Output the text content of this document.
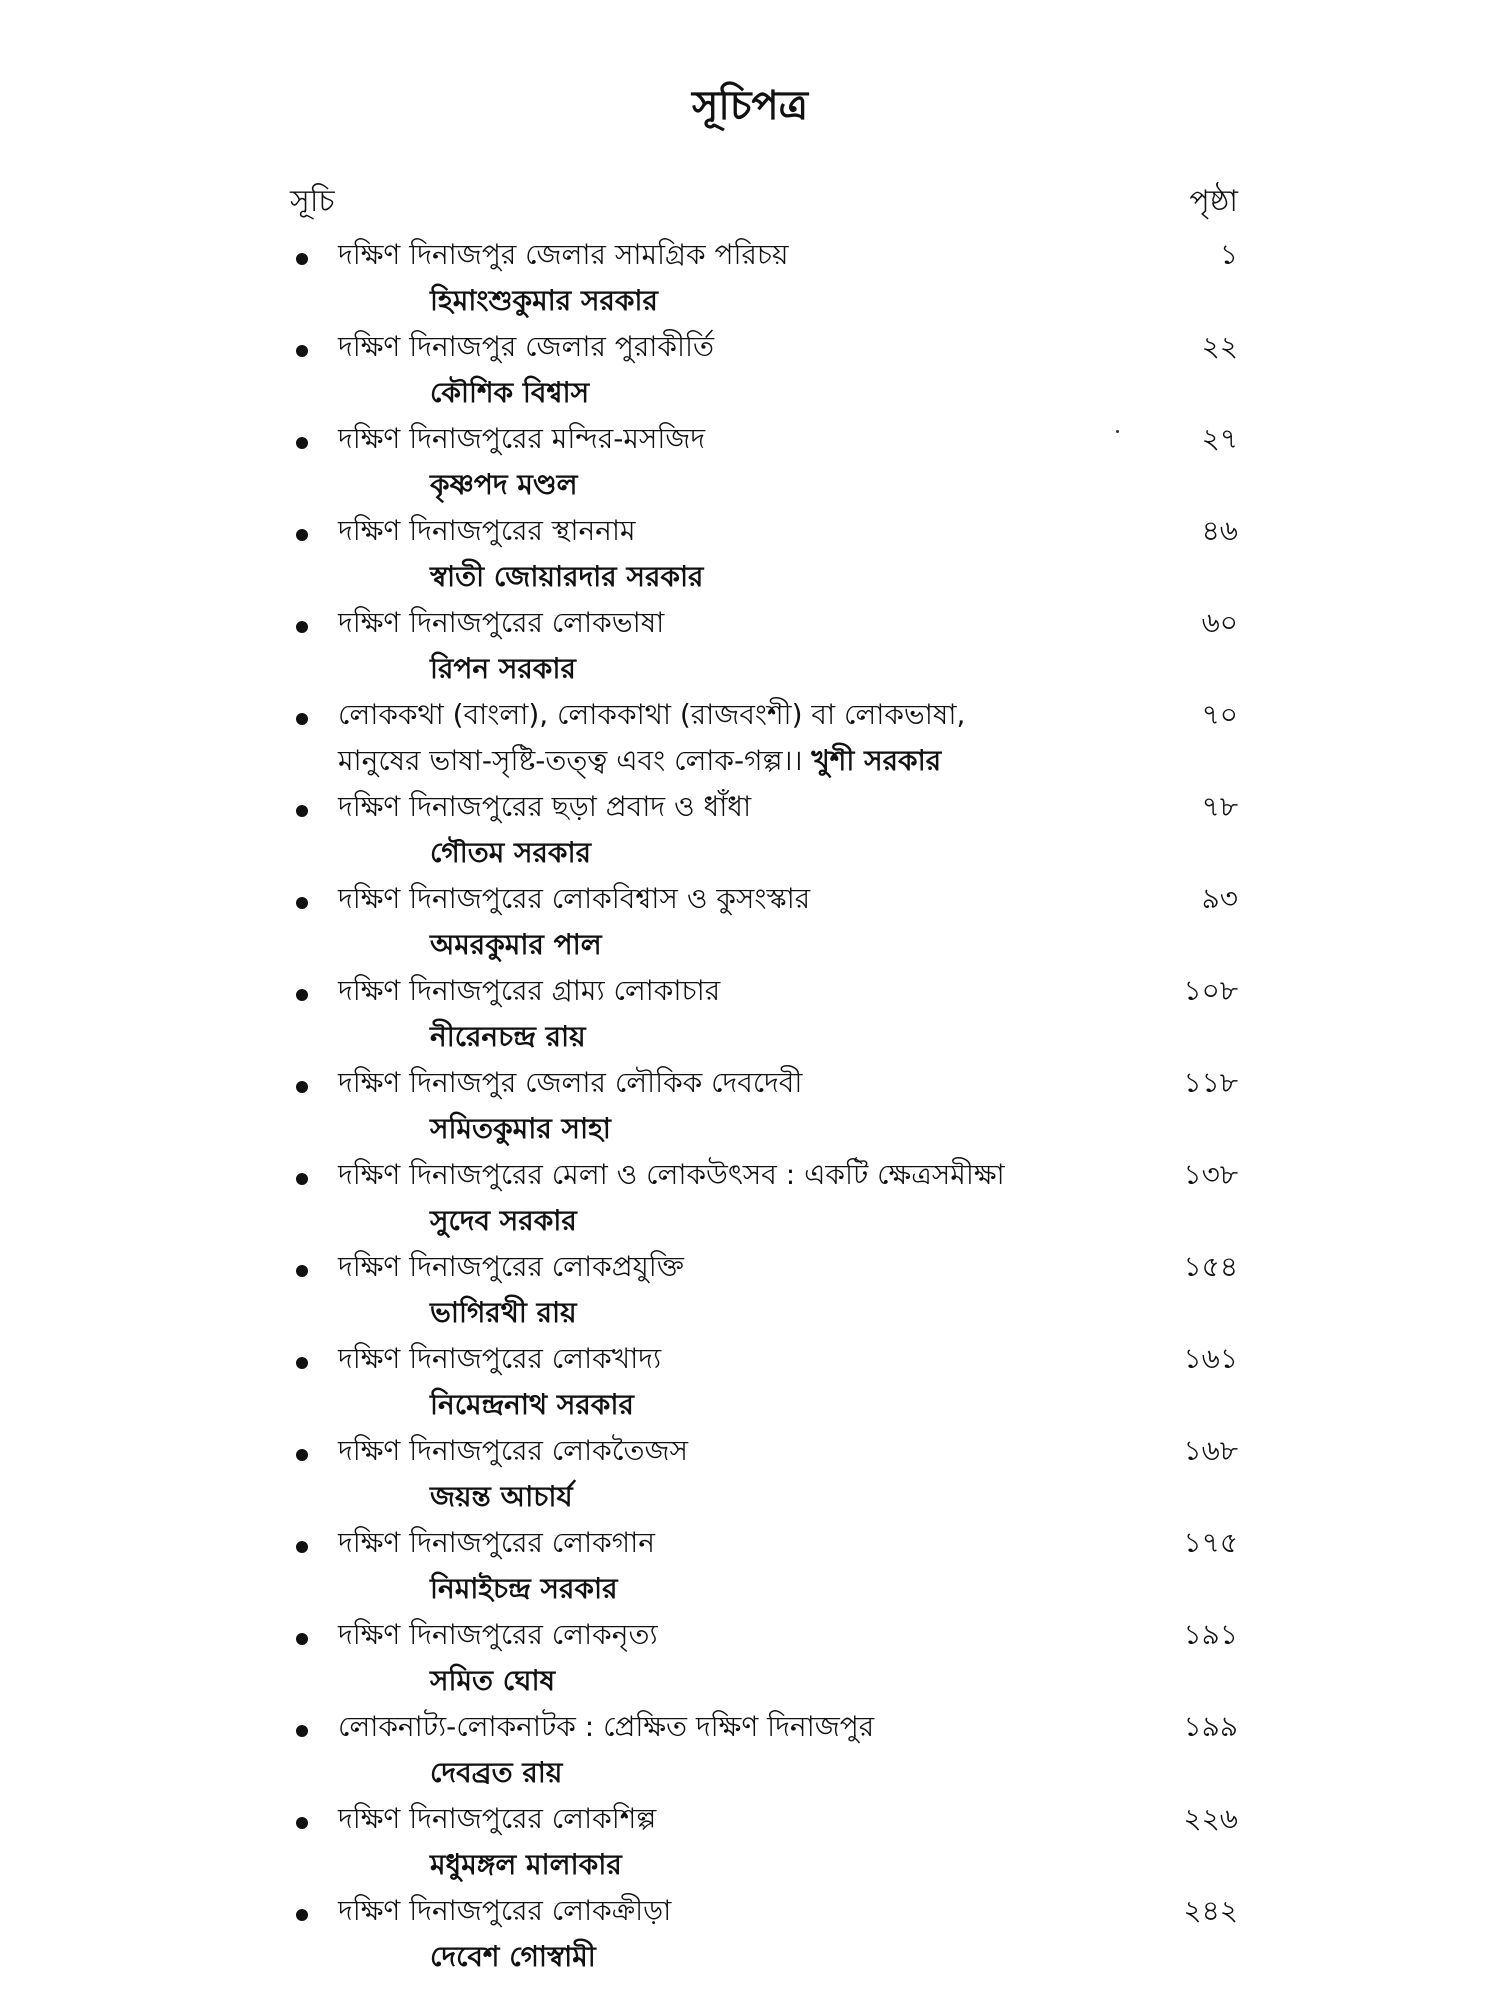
সূচিপত্র
সূচি	পৃষ্ঠা
দক্ষিণ দিনাজপুর জেলার সামগ্রিক পরিচয়	১
হিমাংশুকুমার সরকার
দক্ষিণ দিনাজপুর জেলার পুরাকীর্তি	২২
কৌশিক বিশ্বাস
দক্ষিণ দিনাজপুরের মন্দির-মসজিদ	২৭
কৃষ্ণপদ মণ্ডল
দক্ষিণ দিনাজপুরের স্থাননাম	৪৬
স্বাতী জোয়ারদার সরকার
দক্ষিণ দিনাজপুরের লোকভাষা	৬০
রিপন সরকার
লোককথা (বাংলা), লোককাথা (রাজবংশী) বা লোকভাষা,	৭০
মানুষের ভাষা-সৃষ্টি-তত্ত্ব এবং লোক-গল্প।। খুশী সরকার
দক্ষিণ দিনাজপুরের ছড়া প্রবাদ ও ধাঁধা	৭৮
গৌতম সরকার
দক্ষিণ দিনাজপুরের লোকবিশ্বাস ও কুসংস্কার	৯৩
অমরকুমার পাল
দক্ষিণ দিনাজপুরের গ্রাম্য লোকাচার	১০৮
নীরেনচন্দ্র রায়
দক্ষিণ দিনাজপুর জেলার লৌকিক দেবদেবী	১১৮
সমিতকুমার সাহা
দক্ষিণ দিনাজপুরের মেলা ও লোকউৎসব : একটি ক্ষেত্রসমীক্ষা	১৩৮
সুদেব সরকার
দক্ষিণ দিনাজপুরের লোকপ্রযুক্তি	১৫৪
ভাগিরথী রায়
দক্ষিণ দিনাজপুরের লোকখাদ্য	১৬১
নিমেন্দ্রনাথ সরকার
দক্ষিণ দিনাজপুরের লোকতৈজস	১৬৮
জয়ন্ত আচার্য
দক্ষিণ দিনাজপুরের লোকগান	১৭৫
নিমাইচন্দ্র সরকার
দক্ষিণ দিনাজপুরের লোকনৃত্য	১৯১
সমিত ঘোষ
লোকনাট্য-লোকনাটক : প্রেক্ষিত দক্ষিণ দিনাজপুর	১৯৯
দেবব্রত রায়
দক্ষিণ দিনাজপুরের লোকশিল্প	২২৬
মধুমঙ্গল মালাকার
দক্ষিণ দিনাজপুরের লোকক্রীড়া	২৪২
দেবেশ গোস্বামী
